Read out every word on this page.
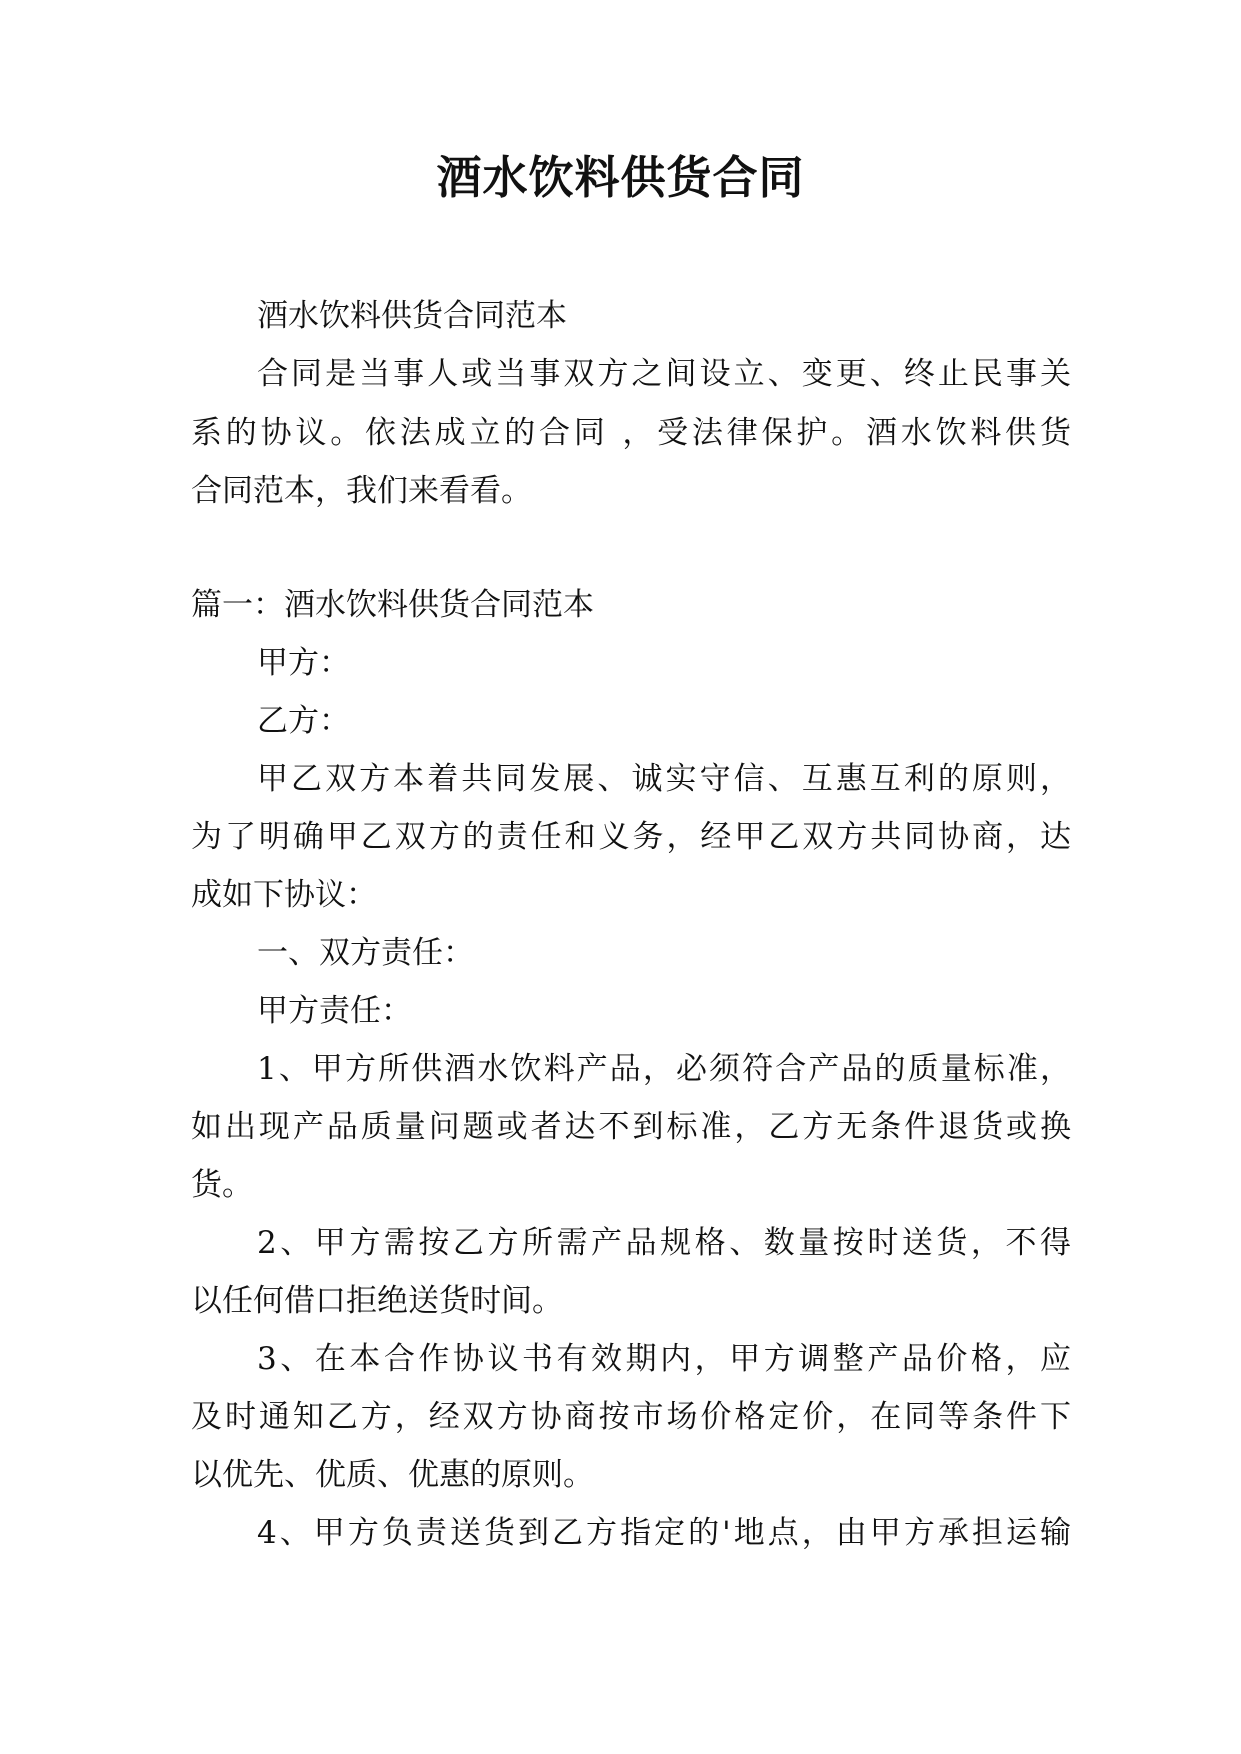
酒水饮料供货合同
酒水饮料供货合同范本
合同是当事人或当事双方之间设立、变更、终止民事关
系的协议。依法成立的合同 ，受法律保护。酒水饮料供货
合同范本，我们来看看。
篇一：酒水饮料供货合同范本
甲方：
乙方：
甲乙双方本着共同发展、诚实守信、互惠互利的原则，
为了明确甲乙双方的责任和义务，经甲乙双方共同协商，达
成如下协议：
一、双方责任：
甲方责任：
1、甲方所供酒水饮料产品，必须符合产品的质量标准，
如出现产品质量问题或者达不到标准，乙方无条件退货或换
货。
2、甲方需按乙方所需产品规格、数量按时送货，不得
以任何借口拒绝送货时间。
3、在本合作协议书有效期内，甲方调整产品价格，应
及时通知乙方，经双方协商按市场价格定价，在同等条件下
以优先、优质、优惠的原则。
4、甲方负责送货到乙方指定的'地点，由甲方承担运输
